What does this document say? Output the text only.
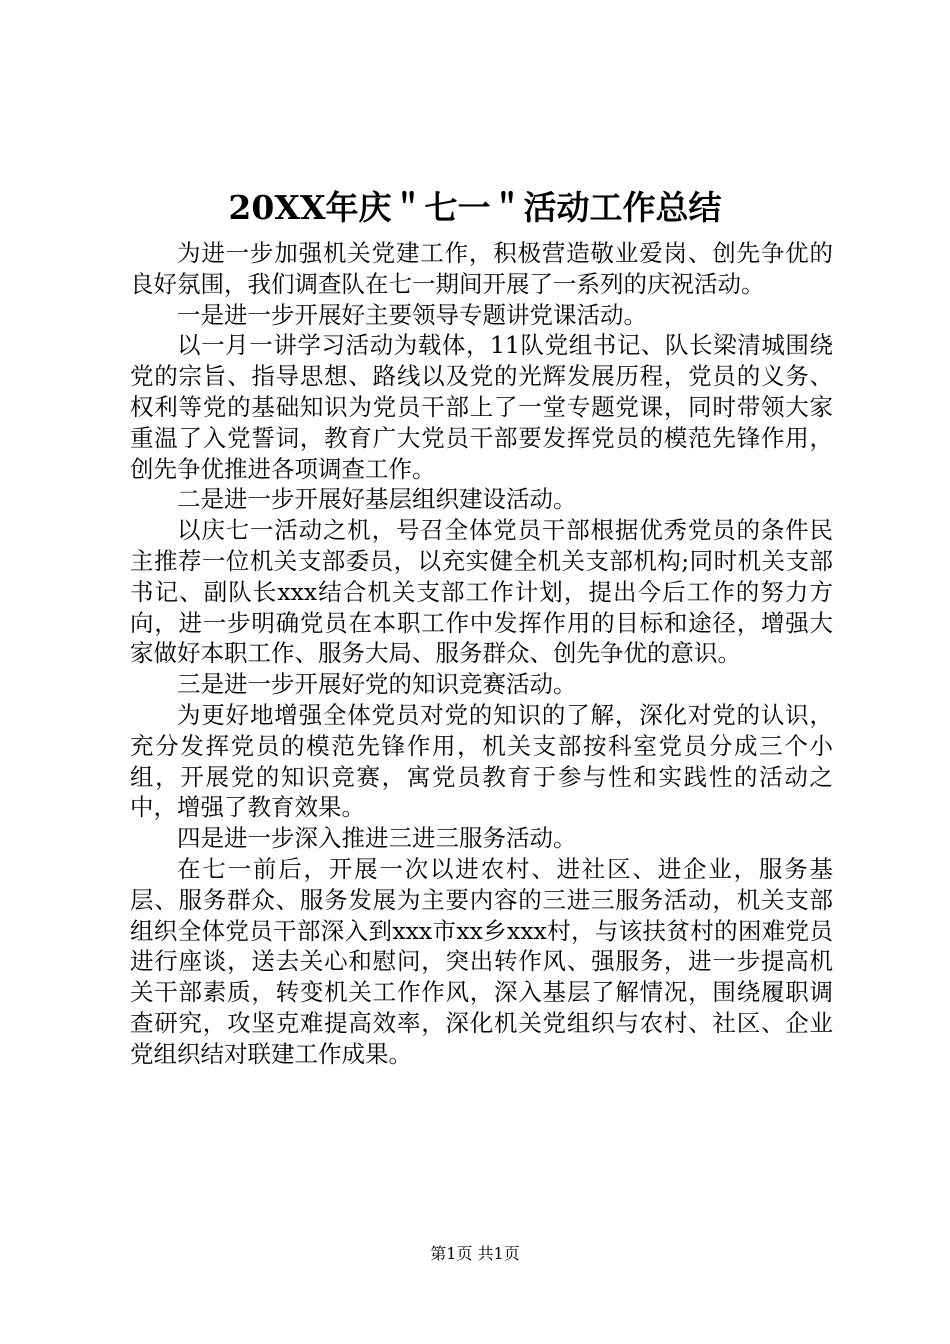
20XX年庆＂七一＂活动工作总结

为进一步加强机关党建工作，积极营造敬业爱岗、创先争优的良好氛围，我们调查队在七一期间开展了一系列的庆祝活动。

一是进一步开展好主要领导专题讲党课活动。

以一月一讲学习活动为载体，11队党组书记、队长梁清城围绕党的宗旨、指导思想、路线以及党的光辉发展历程，党员的义务、权利等党的基础知识为党员干部上了一堂专题党课，同时带领大家重温了入党誓词，教育广大党员干部要发挥党员的模范先锋作用，创先争优推进各项调查工作。

二是进一步开展好基层组织建设活动。

以庆七一活动之机，号召全体党员干部根据优秀党员的条件民主推荐一位机关支部委员，以充实健全机关支部机构;同时机关支部书记、副队长xxx结合机关支部工作计划，提出今后工作的努力方向，进一步明确党员在本职工作中发挥作用的目标和途径，增强大家做好本职工作、服务大局、服务群众、创先争优的意识。

三是进一步开展好党的知识竞赛活动。

为更好地增强全体党员对党的知识的了解，深化对党的认识，充分发挥党员的模范先锋作用，机关支部按科室党员分成三个小组，开展党的知识竞赛，寓党员教育于参与性和实践性的活动之中，增强了教育效果。

四是进一步深入推进三进三服务活动。

在七一前后，开展一次以进农村、进社区、进企业，服务基层、服务群众、服务发展为主要内容的三进三服务活动，机关支部组织全体党员干部深入到xxx市xx乡xxx村，与该扶贫村的困难党员进行座谈，送去关心和慰问，突出转作风、强服务，进一步提高机关干部素质，转变机关工作作风，深入基层了解情况，围绕履职调查研究，攻坚克难提高效率，深化机关党组织与农村、社区、企业党组织结对联建工作成果。

第1页 共1页
